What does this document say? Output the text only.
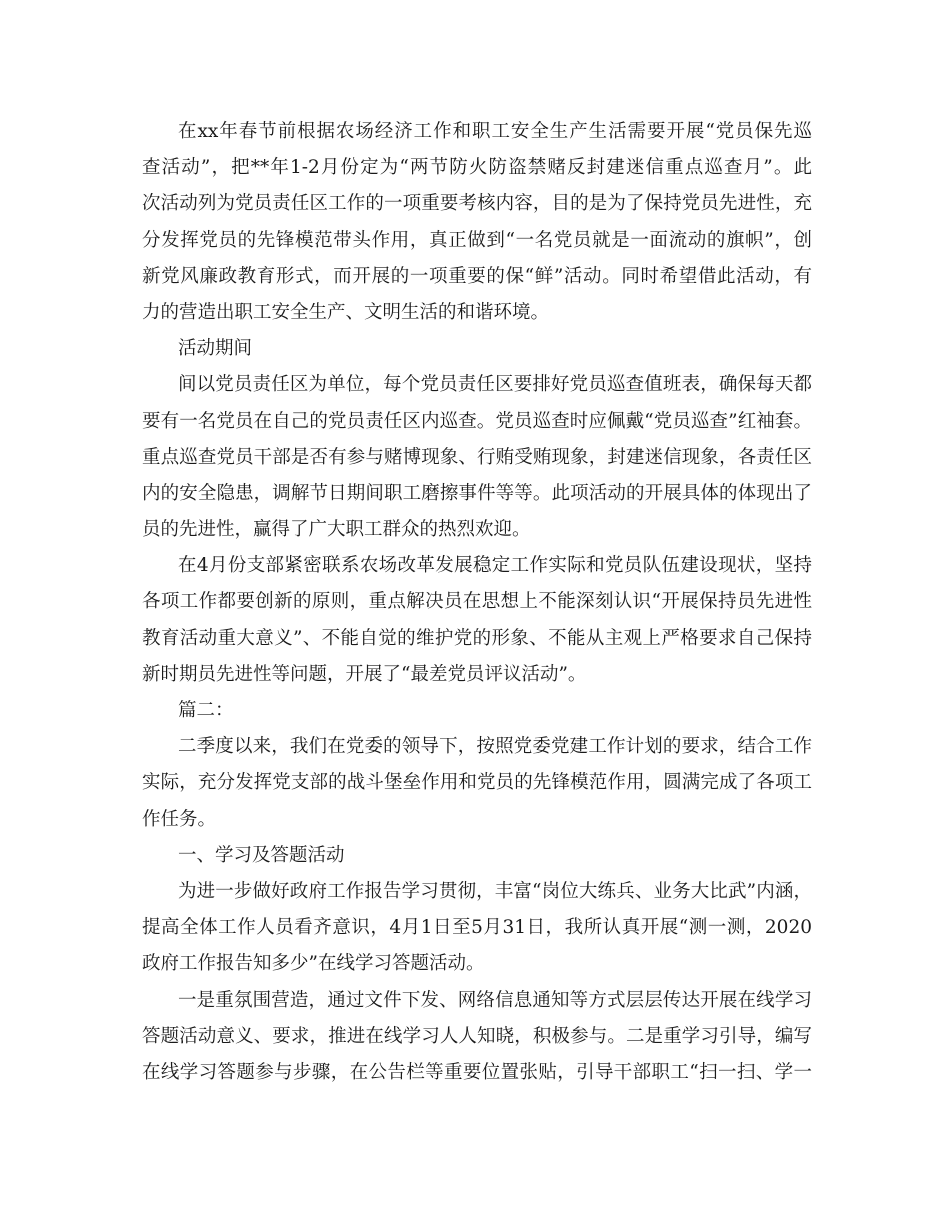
在xx年春节前根据农场经济工作和职工安全生产生活需要开展“党员保先巡
查活动”，把**年1-2月份定为“两节防火防盗禁赌反封建迷信重点巡查月”。此
次活动列为党员责任区工作的一项重要考核内容，目的是为了保持党员先进性，充
分发挥党员的先锋模范带头作用，真正做到“一名党员就是一面流动的旗帜”，创
新党风廉政教育形式，而开展的一项重要的保“鲜”活动。同时希望借此活动，有
力的营造出职工安全生产、文明生活的和谐环境。
活动期间
间以党员责任区为单位，每个党员责任区要排好党员巡查值班表，确保每天都
要有一名党员在自己的党员责任区内巡查。党员巡查时应佩戴“党员巡查”红袖套。
重点巡查党员干部是否有参与赌博现象、行贿受贿现象，封建迷信现象，各责任区
内的安全隐患，调解节日期间职工磨擦事件等等。此项活动的开展具体的体现出了
员的先进性，赢得了广大职工群众的热烈欢迎。
在4月份支部紧密联系农场改革发展稳定工作实际和党员队伍建设现状，坚持
各项工作都要创新的原则，重点解决员在思想上不能深刻认识“开展保持员先进性
教育活动重大意义”、不能自觉的维护党的形象、不能从主观上严格要求自己保持
新时期员先进性等问题，开展了“最差党员评议活动”。
篇二：
二季度以来，我们在党委的领导下，按照党委党建工作计划的要求，结合工作
实际，充分发挥党支部的战斗堡垒作用和党员的先锋模范作用，圆满完成了各项工
作任务。
一、学习及答题活动
为进一步做好政府工作报告学习贯彻，丰富“岗位大练兵、业务大比武”内涵，
提高全体工作人员看齐意识，4月1日至5月31日，我所认真开展“测一测，2020
政府工作报告知多少”在线学习答题活动。
一是重氛围营造，通过文件下发、网络信息通知等方式层层传达开展在线学习
答题活动意义、要求，推进在线学习人人知晓，积极参与。二是重学习引导，编写
在线学习答题参与步骤，在公告栏等重要位置张贴，引导干部职工“扫一扫、学一
